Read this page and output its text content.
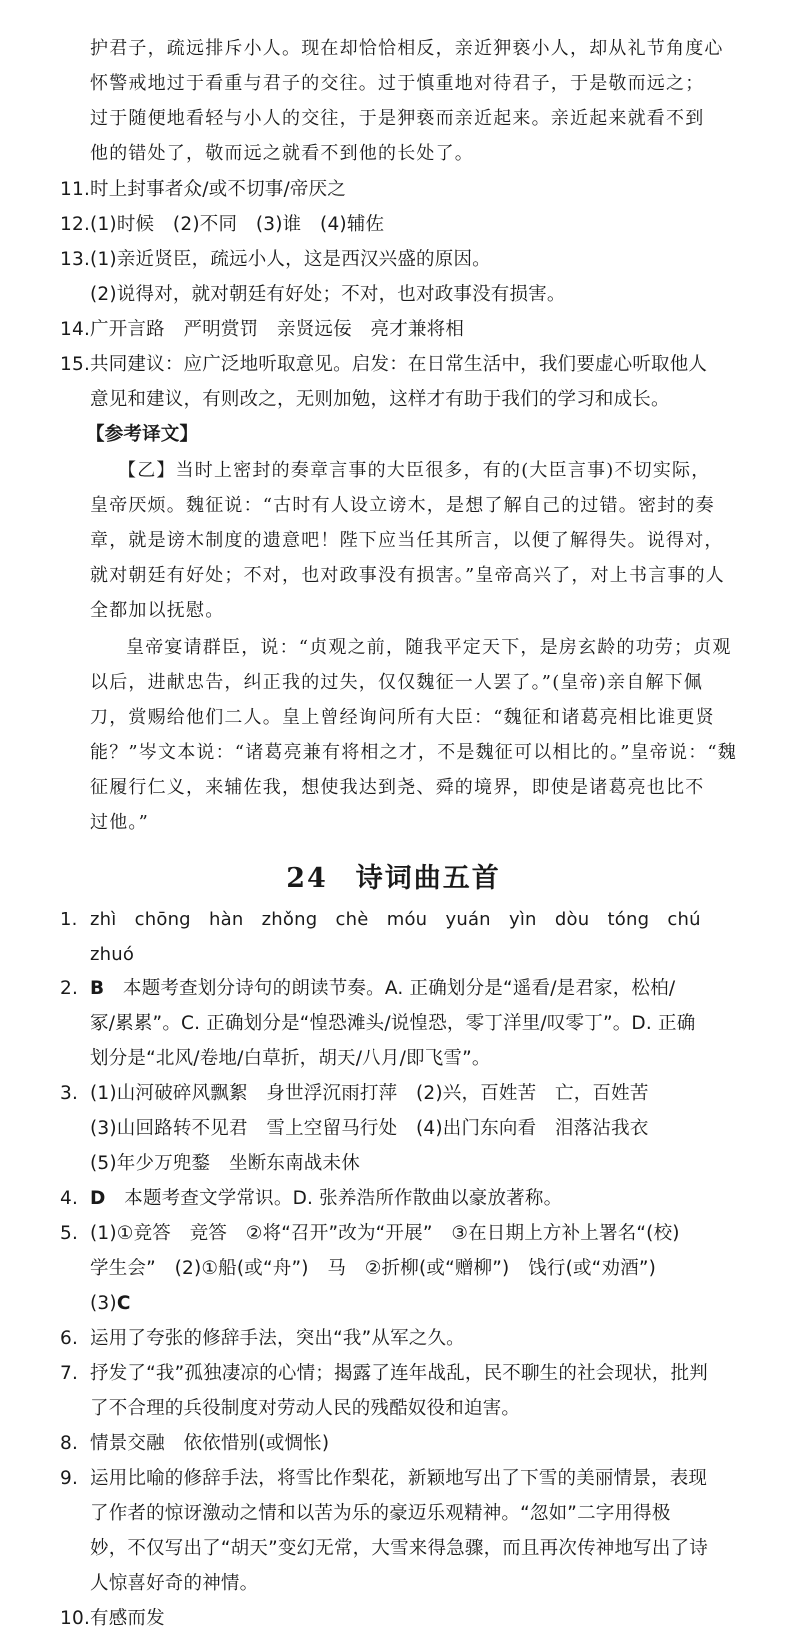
护君子，疏远排斥小人。现在却恰恰相反，亲近狎亵小人，却从礼节角度心
怀警戒地过于看重与君子的交往。过于慎重地对待君子，于是敬而远之；
过于随便地看轻与小人的交往，于是狎亵而亲近起来。亲近起来就看不到
他的错处了，敬而远之就看不到他的长处了。
11.时上封事者众/或不切事/帝厌之
12.(1)时候　(2)不同　(3)谁　(4)辅佐
13.(1)亲近贤臣，疏远小人，这是西汉兴盛的原因。
(2)说得对，就对朝廷有好处；不对，也对政事没有损害。
14.广开言路　严明赏罚　亲贤远佞　亮才兼将相
15.共同建议：应广泛地听取意见。启发：在日常生活中，我们要虚心听取他人
意见和建议，有则改之，无则加勉，这样才有助于我们的学习和成长。
【参考译文】
【乙】当时上密封的奏章言事的大臣很多，有的(大臣言事)不切实际，
皇帝厌烦。魏征说：“古时有人设立谤木，是想了解自己的过错。密封的奏
章，就是谤木制度的遗意吧！陛下应当任其所言，以便了解得失。说得对，
就对朝廷有好处；不对，也对政事没有损害。”皇帝高兴了，对上书言事的人
全都加以抚慰。
皇帝宴请群臣，说：“贞观之前，随我平定天下，是房玄龄的功劳；贞观
以后，进献忠告，纠正我的过失，仅仅魏征一人罢了。”(皇帝)亲自解下佩
刀，赏赐给他们二人。皇上曾经询问所有大臣：“魏征和诸葛亮相比谁更贤
能？”岑文本说：“诸葛亮兼有将相之才，不是魏征可以相比的。”皇帝说：“魏
征履行仁义，来辅佐我，想使我达到尧、舜的境界，即使是诸葛亮也比不
过他。”
24 诗词曲五首
1. zhì　chōng　hàn　zhǒng　chè　móu　yuán　yìn　dòu　tóng　chú
zhuó
2. B　本题考查划分诗句的朗读节奏。A. 正确划分是“遥看/是君家，松柏/
冢/累累”。C. 正确划分是“惶恐滩头/说惶恐，零丁洋里/叹零丁”。D. 正确
划分是“北风/卷地/白草折，胡天/八月/即飞雪”。
3. (1)山河破碎风飘絮　身世浮沉雨打萍　(2)兴，百姓苦　亡，百姓苦
(3)山回路转不见君　雪上空留马行处　(4)出门东向看　泪落沾我衣
(5)年少万兜鍪　坐断东南战未休
4. D　本题考查文学常识。D. 张养浩所作散曲以豪放著称。
5. (1)①竞答　竞答　②将“召开”改为“开展”　③在日期上方补上署名“(校)
学生会”　(2)①船(或“舟”)　马　②折柳(或“赠柳”)　饯行(或“劝酒”)
(3)C
6. 运用了夸张的修辞手法，突出“我”从军之久。
7. 抒发了“我”孤独凄凉的心情；揭露了连年战乱，民不聊生的社会现状，批判
了不合理的兵役制度对劳动人民的残酷奴役和迫害。
8. 情景交融　依依惜别(或惆怅)
9. 运用比喻的修辞手法，将雪比作梨花，新颖地写出了下雪的美丽情景，表现
了作者的惊讶激动之情和以苦为乐的豪迈乐观精神。“忽如”二字用得极
妙，不仅写出了“胡天”变幻无常，大雪来得急骤，而且再次传神地写出了诗
人惊喜好奇的神情。
10.有感而发
